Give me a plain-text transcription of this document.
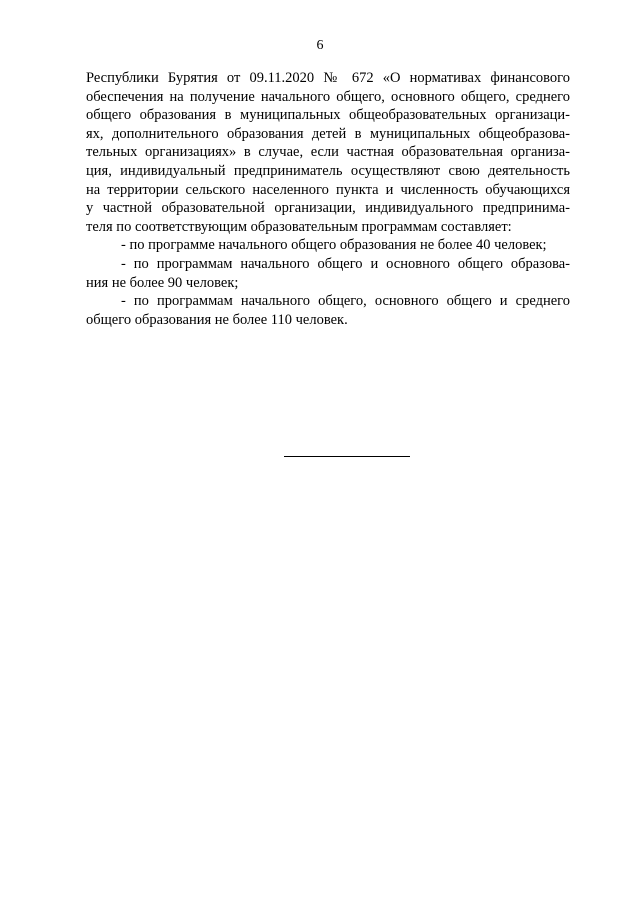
6
Республики Бурятия от 09.11.2020 № 672 «О нормативах финансового
обеспечения на получение начального общего, основного общего, среднего
общего образования в муниципальных общеобразовательных организаци-
ях, дополнительного образования детей в муниципальных общеобразова-
тельных организациях» в случае, если частная образовательная организа-
ция, индивидуальный предприниматель осуществляют свою деятельность
на территории сельского населенного пункта и численность обучающихся
у частной образовательной организации, индивидуального предпринима-
теля по соответствующим образовательным программам составляет:
- по программе начального общего образования не более 40 человек;
- по программам начального общего и основного общего образова-
ния не более 90 человек;
- по программам начального общего, основного общего и среднего
общего образования не более 110 человек.
